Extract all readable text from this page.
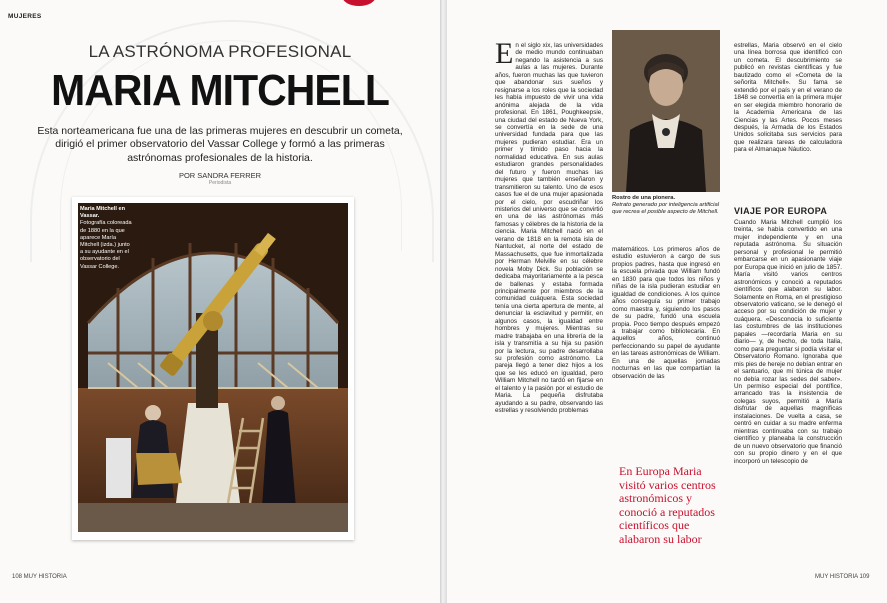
MUJERES
LA ASTRÓNOMA PROFESIONAL
MARIA MITCHELL
Esta norteamericana fue una de las primeras mujeres en descubrir un cometa, dirigió el primer observatorio del Vassar College y formó a las primeras astrónomas profesionales de la historia.
POR SANDRA FERRER
Periodista
Maria Mitchell en Vassar.
Fotografía coloreada de 1880 en la que aparece María Mitchell (izda.) junto a su ayudante en el observatorio del Vassar College.
108 MUY HISTORIA
En el siglo xix, las universidades de medio mundo continuaban negando la asistencia a sus aulas a las mujeres. Durante años, fueron muchas las que tuvieron que abandonar sus sueños y resignarse a los roles que la sociedad les había impuesto de vivir una vida anónima alejada de la vida profesional. En 1861, Poughkeepsie, una ciudad del estado de Nueva York, se convertía en la sede de una universidad fundada para que las mujeres pudieran estudiar. Era un primer y tímido paso hacia la normalidad educativa. En sus aulas estudiaron grandes personalidades del futuro y fueron muchas las mujeres que también enseñaron y transmitieron su talento. Uno de esos casos fue el de una mujer apasionada por el cielo, por escudriñar los misterios del universo que se convirtió en una de las astrónomas más famosas y célebres de la historia de la ciencia. Maria Mitchell nació en el verano de 1818 en la remota isla de Nantucket, al norte del estado de Massachusetts, que fue inmortalizada por Herman Melville en su célebre novela Moby Dick. Su población se dedicaba mayoritariamente a la pesca de ballenas y estaba formada principalmente por miembros de la comunidad cuáquera. Esta sociedad tenía una cierta apertura de mente, al denunciar la esclavitud y permitir, en algunos casos, la igualdad entre hombres y mujeres. Mientras su madre trabajaba en una librería de la isla y transmitía a su hija su pasión por la lectura, su padre desarrollaba su profesión como astrónomo. La pareja llegó a tener diez hijos a los que se les educó en igualdad, pero William Mitchell no tardó en fijarse en el talento y la pasión por el estudio de Maria. La pequeña disfrutaba ayudando a su padre, observando las estrellas y resolviendo problemas
Rostro de una pionera.
Retrato generado por inteligencia artificial que recrea el posible aspecto de Mitchell.
matemáticos. Los primeros años de estudio estuvieron a cargo de sus propios padres, hasta que ingresó en la escuela privada que William fundó en 1830 para que todos los niños y niñas de la isla pudieran estudiar en igualdad de condiciones. A los quince años conseguía su primer trabajo como maestra y, siguiendo los pasos de su padre, fundó una escuela propia. Poco tiempo después empezó a trabajar como bibliotecaria. En aquellos años, continuó perfeccionando su papel de ayudante en las tareas astronómicas de William. En una de aquellas jornadas nocturnas en las que compartían la observación de las
En Europa Maria visitó varios centros astronómicos y conoció a reputados científicos que alabaron su labor
estrellas, Maria observó en el cielo una línea borrosa que identificó con un cometa. El descubrimiento se publicó en revistas científicas y fue bautizado como el «Cometa de la señorita Mitchell». Su fama se extendió por el país y en el verano de 1848 se convertía en la primera mujer en ser elegida miembro honorario de la Academia Americana de las Ciencias y las Artes. Pocos meses después, la Armada de los Estados Unidos solicitaba sus servicios para que realizara tareas de calculadora para el Almanaque Náutico.
VIAJE POR EUROPA
Cuando Maria Mitchell cumplió los treinta, se había convertido en una mujer independiente y en una reputada astrónoma. Su situación personal y profesional le permitió embarcarse en un apasionante viaje por Europa que inició en julio de 1857. María visitó varios centros astronómicos y conoció a reputados científicos que alabaron su labor. Solamente en Roma, en el prestigioso observatorio vaticano, se le denegó el acceso por su condición de mujer y cuáquera. «Desconocía lo suficiente las costumbres de las instituciones papales —recordaría Maria en su diario— y, de hecho, de toda Italia, como para preguntar si podía visitar el Observatorio Romano. Ignoraba que mis pies de hereje no debían entrar en el santuario, que mi túnica de mujer no debía rozar las sedes del saber». Un permiso especial del pontífice, arrancado tras la insistencia de colegas suyos, permitió a María disfrutar de aquellas magníficas instalaciones. De vuelta a casa, se centró en cuidar a su madre enferma mientras continuaba con su trabajo científico y planeaba la construcción de un nuevo observatorio que financió con su propio dinero y en el que incorporó un telescopio de
MUY HISTORIA 109
